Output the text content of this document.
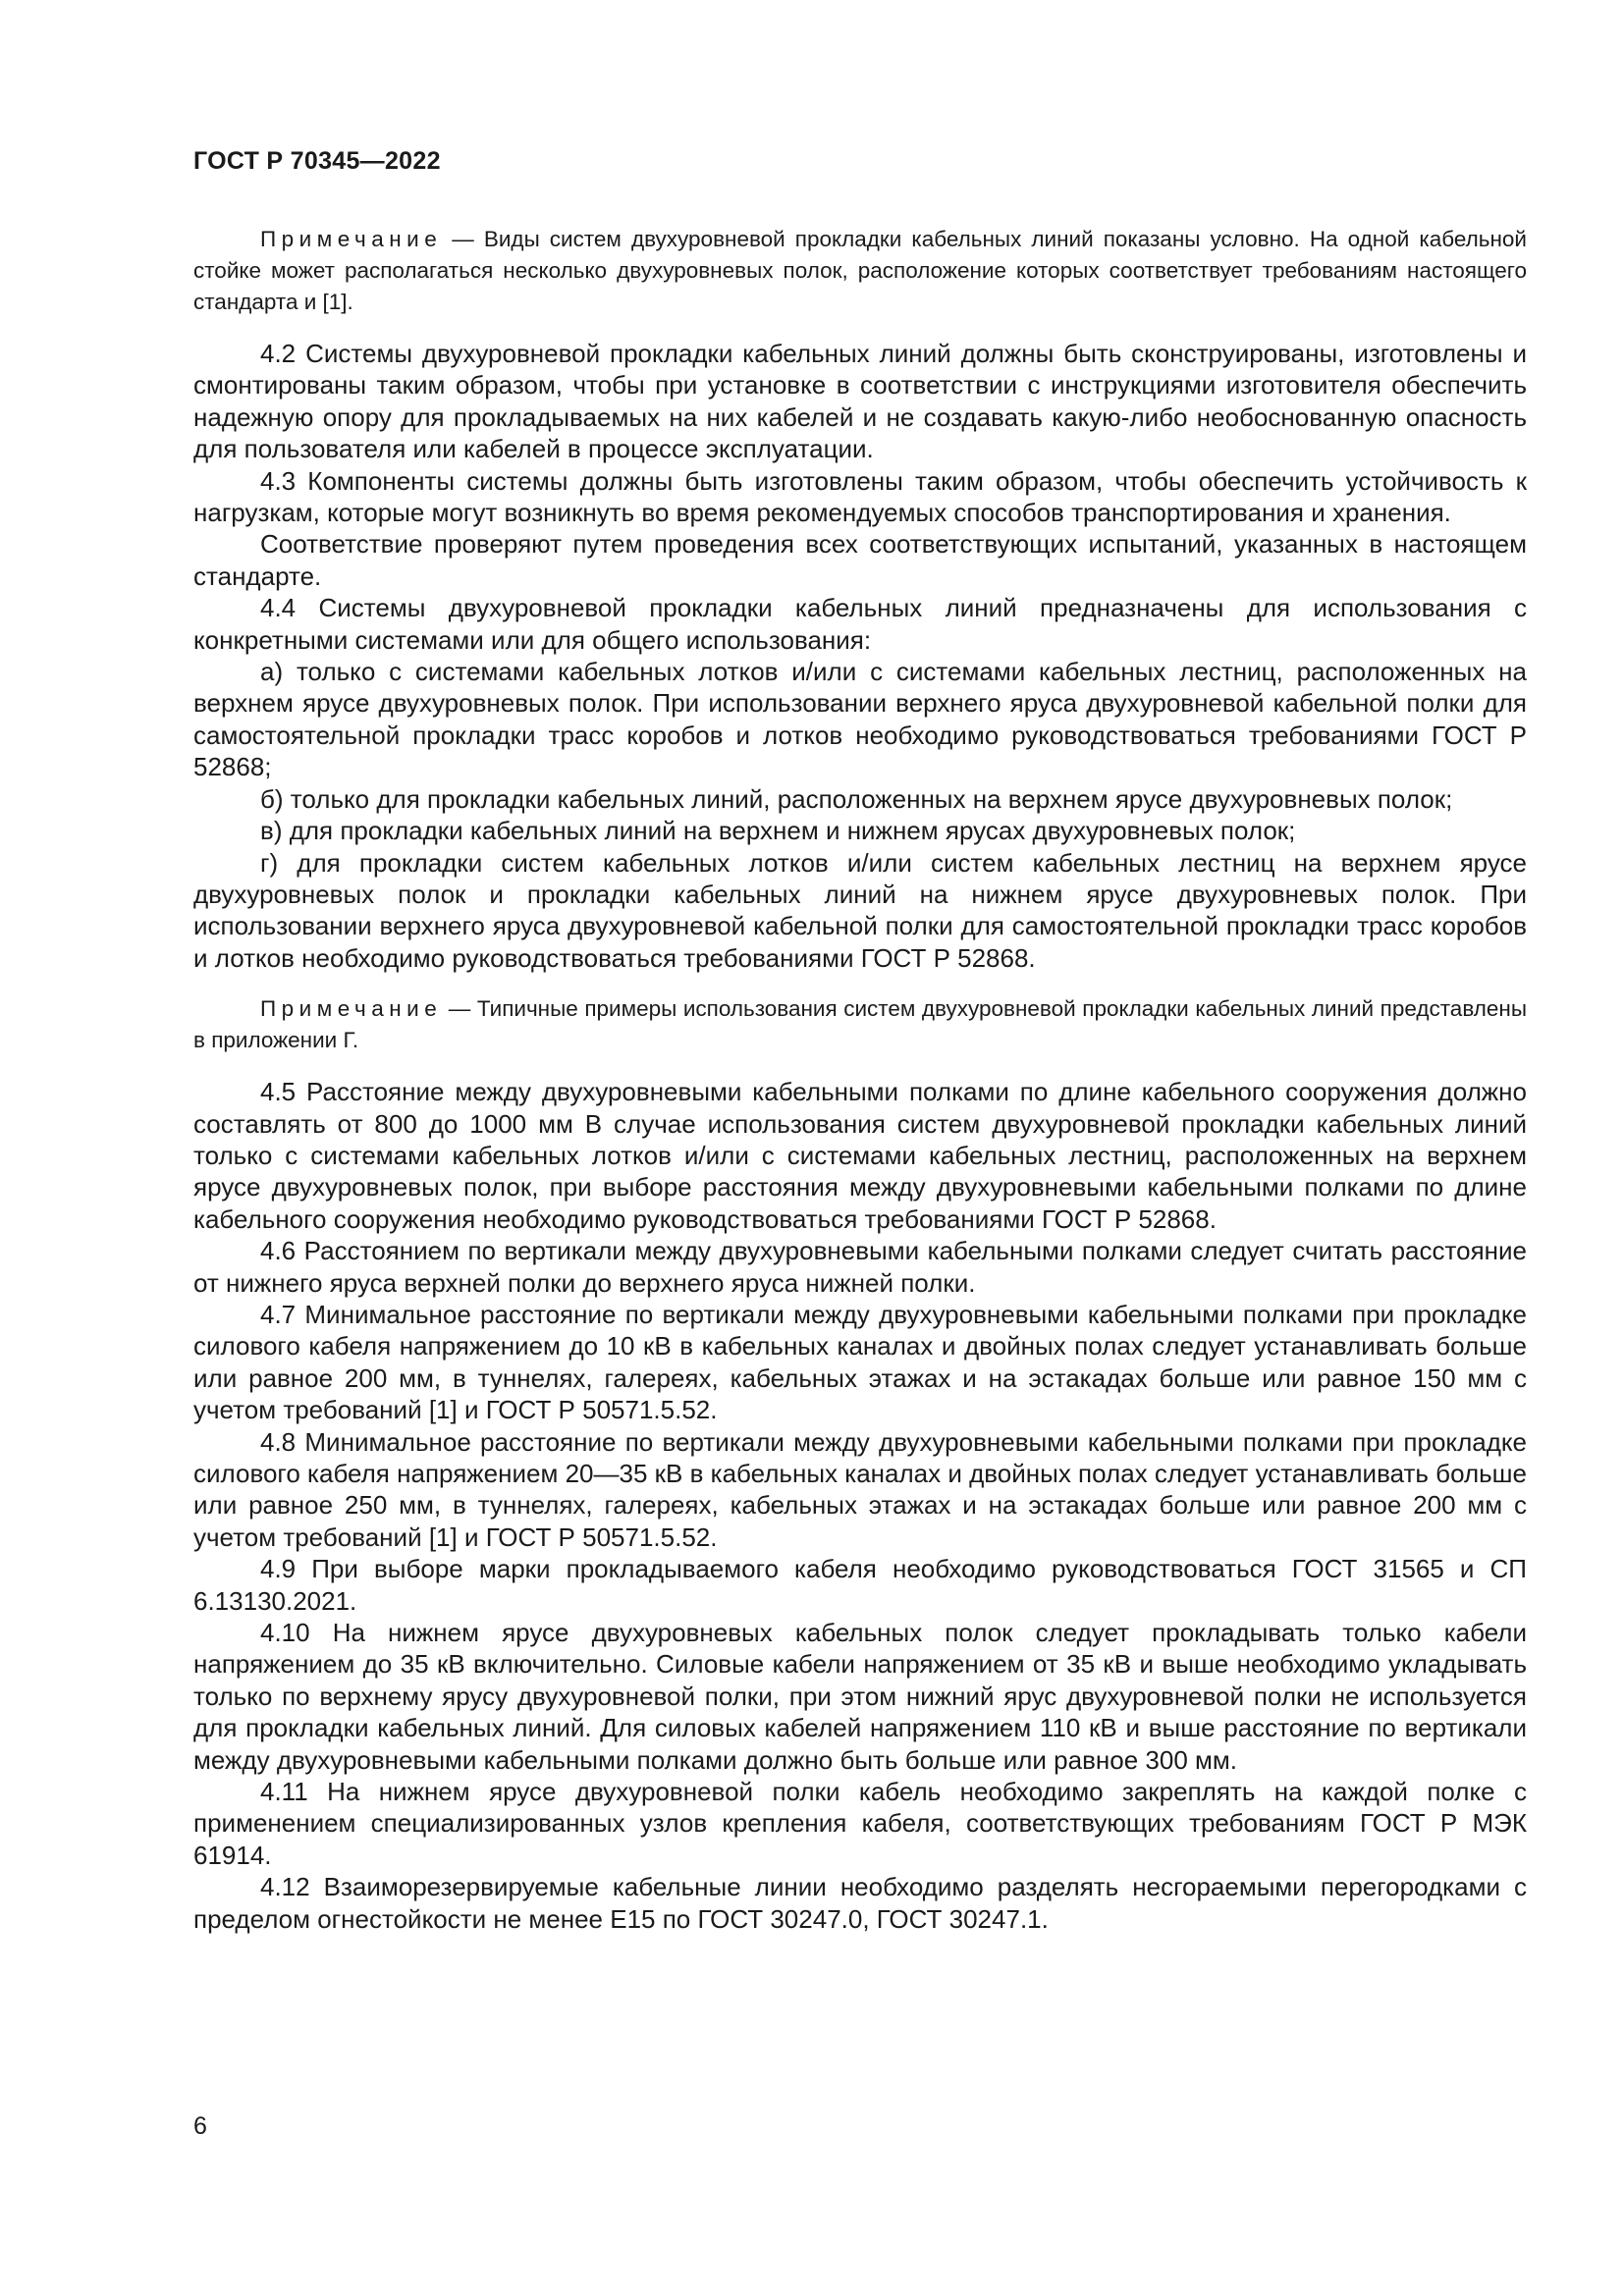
ГОСТ Р 70345—2022

Примечание — Виды систем двухуровневой прокладки кабельных линий показаны условно. На одной кабельной стойке может располагаться несколько двухуровневых полок, расположение которых соответствует требованиям настоящего стандарта и [1].

4.2 Системы двухуровневой прокладки кабельных линий должны быть сконструированы, изготовлены и смонтированы таким образом, чтобы при установке в соответствии с инструкциями изготовителя обеспечить надежную опору для прокладываемых на них кабелей и не создавать какую-либо необоснованную опасность для пользователя или кабелей в процессе эксплуатации.

4.3 Компоненты системы должны быть изготовлены таким образом, чтобы обеспечить устойчивость к нагрузкам, которые могут возникнуть во время рекомендуемых способов транспортирования и хранения.

Соответствие проверяют путем проведения всех соответствующих испытаний, указанных в настоящем стандарте.

4.4 Системы двухуровневой прокладки кабельных линий предназначены для использования с конкретными системами или для общего использования:

а) только с системами кабельных лотков и/или с системами кабельных лестниц, расположенных на верхнем ярусе двухуровневых полок. При использовании верхнего яруса двухуровневой кабельной полки для самостоятельной прокладки трасс коробов и лотков необходимо руководствоваться требованиями ГОСТ Р 52868;

б) только для прокладки кабельных линий, расположенных на верхнем ярусе двухуровневых полок;

в) для прокладки кабельных линий на верхнем и нижнем ярусах двухуровневых полок;

г) для прокладки систем кабельных лотков и/или систем кабельных лестниц на верхнем ярусе двухуровневых полок и прокладки кабельных линий на нижнем ярусе двухуровневых полок. При использовании верхнего яруса двухуровневой кабельной полки для самостоятельной прокладки трасс коробов и лотков необходимо руководствоваться требованиями ГОСТ Р 52868.

Примечание — Типичные примеры использования систем двухуровневой прокладки кабельных линий представлены в приложении Г.

4.5 Расстояние между двухуровневыми кабельными полками по длине кабельного сооружения должно составлять от 800 до 1000 мм В случае использования систем двухуровневой прокладки кабельных линий только с системами кабельных лотков и/или с системами кабельных лестниц, расположенных на верхнем ярусе двухуровневых полок, при выборе расстояния между двухуровневыми кабельными полками по длине кабельного сооружения необходимо руководствоваться требованиями ГОСТ Р 52868.

4.6 Расстоянием по вертикали между двухуровневыми кабельными полками следует считать расстояние от нижнего яруса верхней полки до верхнего яруса нижней полки.

4.7 Минимальное расстояние по вертикали между двухуровневыми кабельными полками при прокладке силового кабеля напряжением до 10 кВ в кабельных каналах и двойных полах следует устанавливать больше или равное 200 мм, в туннелях, галереях, кабельных этажах и на эстакадах больше или равное 150 мм с учетом требований [1] и ГОСТ Р 50571.5.52.

4.8 Минимальное расстояние по вертикали между двухуровневыми кабельными полками при прокладке силового кабеля напряжением 20—35 кВ в кабельных каналах и двойных полах следует устанавливать больше или равное 250 мм, в туннелях, галереях, кабельных этажах и на эстакадах больше или равное 200 мм с учетом требований [1] и ГОСТ Р 50571.5.52.

4.9 При выборе марки прокладываемого кабеля необходимо руководствоваться ГОСТ 31565 и СП 6.13130.2021.

4.10 На нижнем ярусе двухуровневых кабельных полок следует прокладывать только кабели напряжением до 35 кВ включительно. Силовые кабели напряжением от 35 кВ и выше необходимо укладывать только по верхнему ярусу двухуровневой полки, при этом нижний ярус двухуровневой полки не используется для прокладки кабельных линий. Для силовых кабелей напряжением 110 кВ и выше расстояние по вертикали между двухуровневыми кабельными полками должно быть больше или равное 300 мм.

4.11 На нижнем ярусе двухуровневой полки кабель необходимо закреплять на каждой полке с применением специализированных узлов крепления кабеля, соответствующих требованиям ГОСТ Р МЭК 61914.

4.12 Взаиморезервируемые кабельные линии необходимо разделять несгораемыми перегородками с пределом огнестойкости не менее Е15 по ГОСТ 30247.0, ГОСТ 30247.1.

6
